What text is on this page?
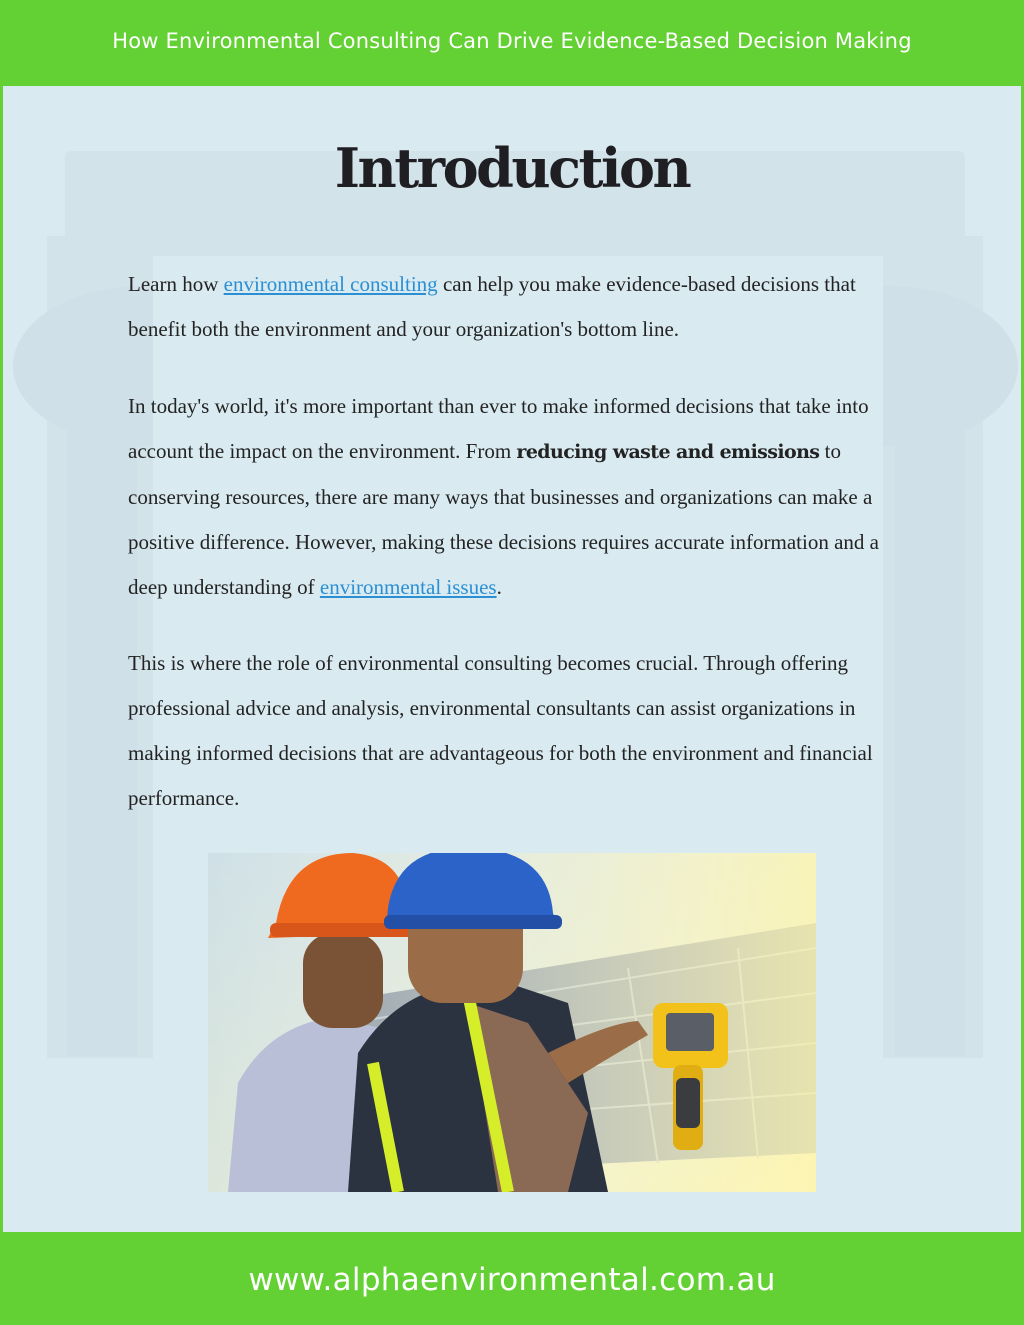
How Environmental Consulting Can Drive Evidence-Based Decision Making
Introduction

Learn how environmental consulting can help you make evidence-based decisions that benefit both the environment and your organization's bottom line.

In today's world, it's more important than ever to make informed decisions that take into account the impact on the environment. From reducing waste and emissions to conserving resources, there are many ways that businesses and organizations can make a positive difference. However, making these decisions requires accurate information and a deep understanding of environmental issues.

This is where the role of environmental consulting becomes crucial. Through offering professional advice and analysis, environmental consultants can assist organizations in making informed decisions that are advantageous for both the environment and financial performance.

www.alphaenvironmental.com.au
